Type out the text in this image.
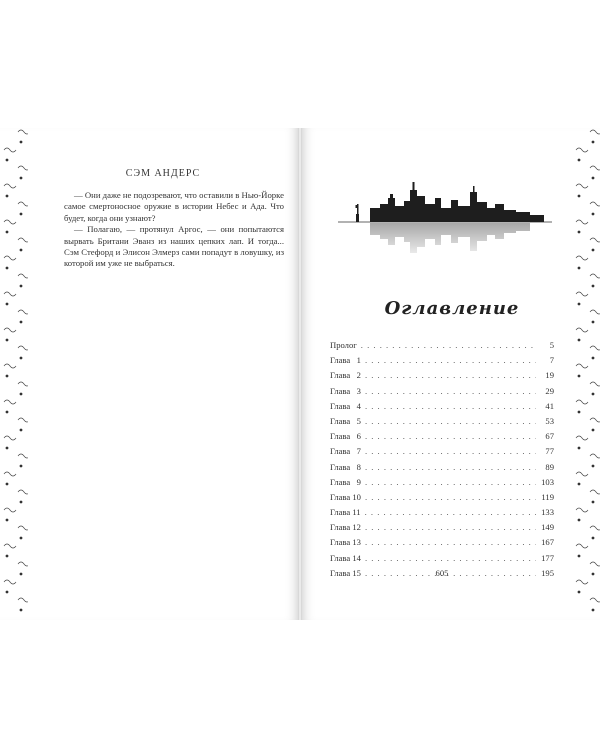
СЭМ АНДЕРС

— Они даже не подозревают, что оставили в Нью-Йорке самое смертоносное оружие в истории Небес и Ада. Что будет, когда они узнают?

— Полагаю, — протянул Аргос, — они попытаются вырвать Британи Эванз из наших цепких лап. И тогда... Сэм Стефорд и Элисон Элмерз сами попадут в ловушку, из которой им уже не выбраться.

Оглавление
Пролог . . .	5
Глава   1 . . .	7
Глава   2 . . .	19
Глава   3 . . .	29
Глава   4 . . .	41
Глава   5 . . .	53
Глава   6 . . .	67
Глава   7 . . .	77
Глава   8 . . .	89
Глава   9 . . .	103
Глава 10 . . .	119
Глава 11 . . .	133
Глава 12 . . .	149
Глава 13 . . .	167
Глава 14 . . .	177
Глава 15 . . .	195
605
